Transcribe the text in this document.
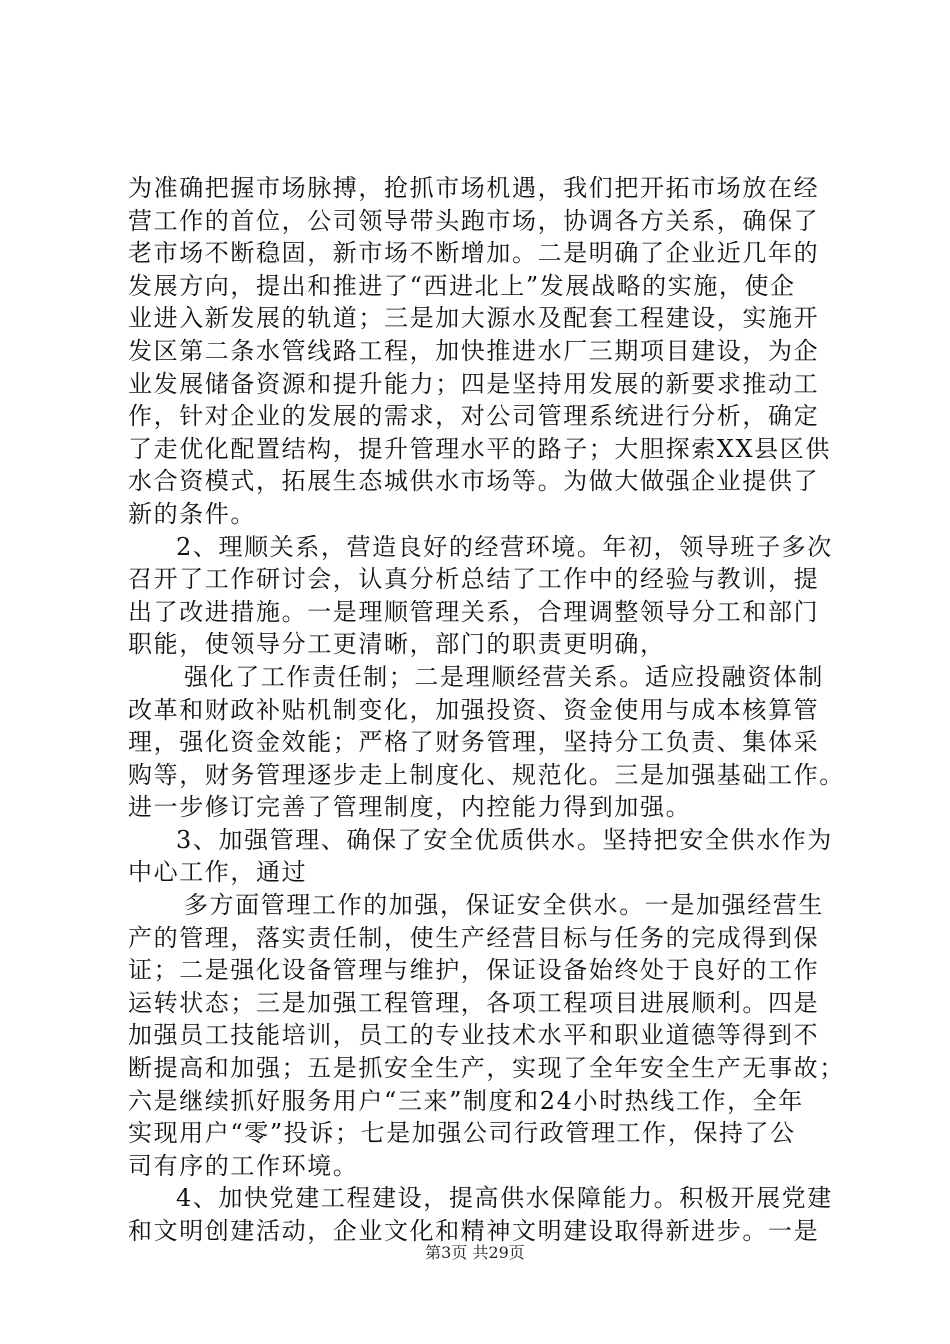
为准确把握市场脉搏，抢抓市场机遇，我们把开拓市场放在经
营工作的首位，公司领导带头跑市场，协调各方关系，确保了
老市场不断稳固，新市场不断增加。二是明确了企业近几年的
发展方向，提出和推进了“西进北上”发展战略的实施，使企
业进入新发展的轨道；三是加大源水及配套工程建设，实施开
发区第二条水管线路工程，加快推进水厂三期项目建设，为企
业发展储备资源和提升能力；四是坚持用发展的新要求推动工
作，针对企业的发展的需求，对公司管理系统进行分析，确定
了走优化配置结构，提升管理水平的路子；大胆探索XX县区供
水合资模式，拓展生态城供水市场等。为做大做强企业提供了
新的条件。
2、理顺关系，营造良好的经营环境。年初，领导班子多次
召开了工作研讨会，认真分析总结了工作中的经验与教训，提
出了改进措施。一是理顺管理关系，合理调整领导分工和部门
职能，使领导分工更清晰，部门的职责更明确，
强化了工作责任制；二是理顺经营关系。适应投融资体制
改革和财政补贴机制变化，加强投资、资金使用与成本核算管
理，强化资金效能；严格了财务管理，坚持分工负责、集体采
购等，财务管理逐步走上制度化、规范化。三是加强基础工作。
进一步修订完善了管理制度，内控能力得到加强。
3、加强管理、确保了安全优质供水。坚持把安全供水作为
中心工作，通过
多方面管理工作的加强，保证安全供水。一是加强经营生
产的管理，落实责任制，使生产经营目标与任务的完成得到保
证；二是强化设备管理与维护，保证设备始终处于良好的工作
运转状态；三是加强工程管理，各项工程项目进展顺利。四是
加强员工技能培训，员工的专业技术水平和职业道德等得到不
断提高和加强；五是抓安全生产，实现了全年安全生产无事故；
六是继续抓好服务用户“三来”制度和24小时热线工作，全年
实现用户“零”投诉；七是加强公司行政管理工作，保持了公
司有序的工作环境。
4、加快党建工程建设，提高供水保障能力。积极开展党建
和文明创建活动，企业文化和精神文明建设取得新进步。一是
第3页 共29页
